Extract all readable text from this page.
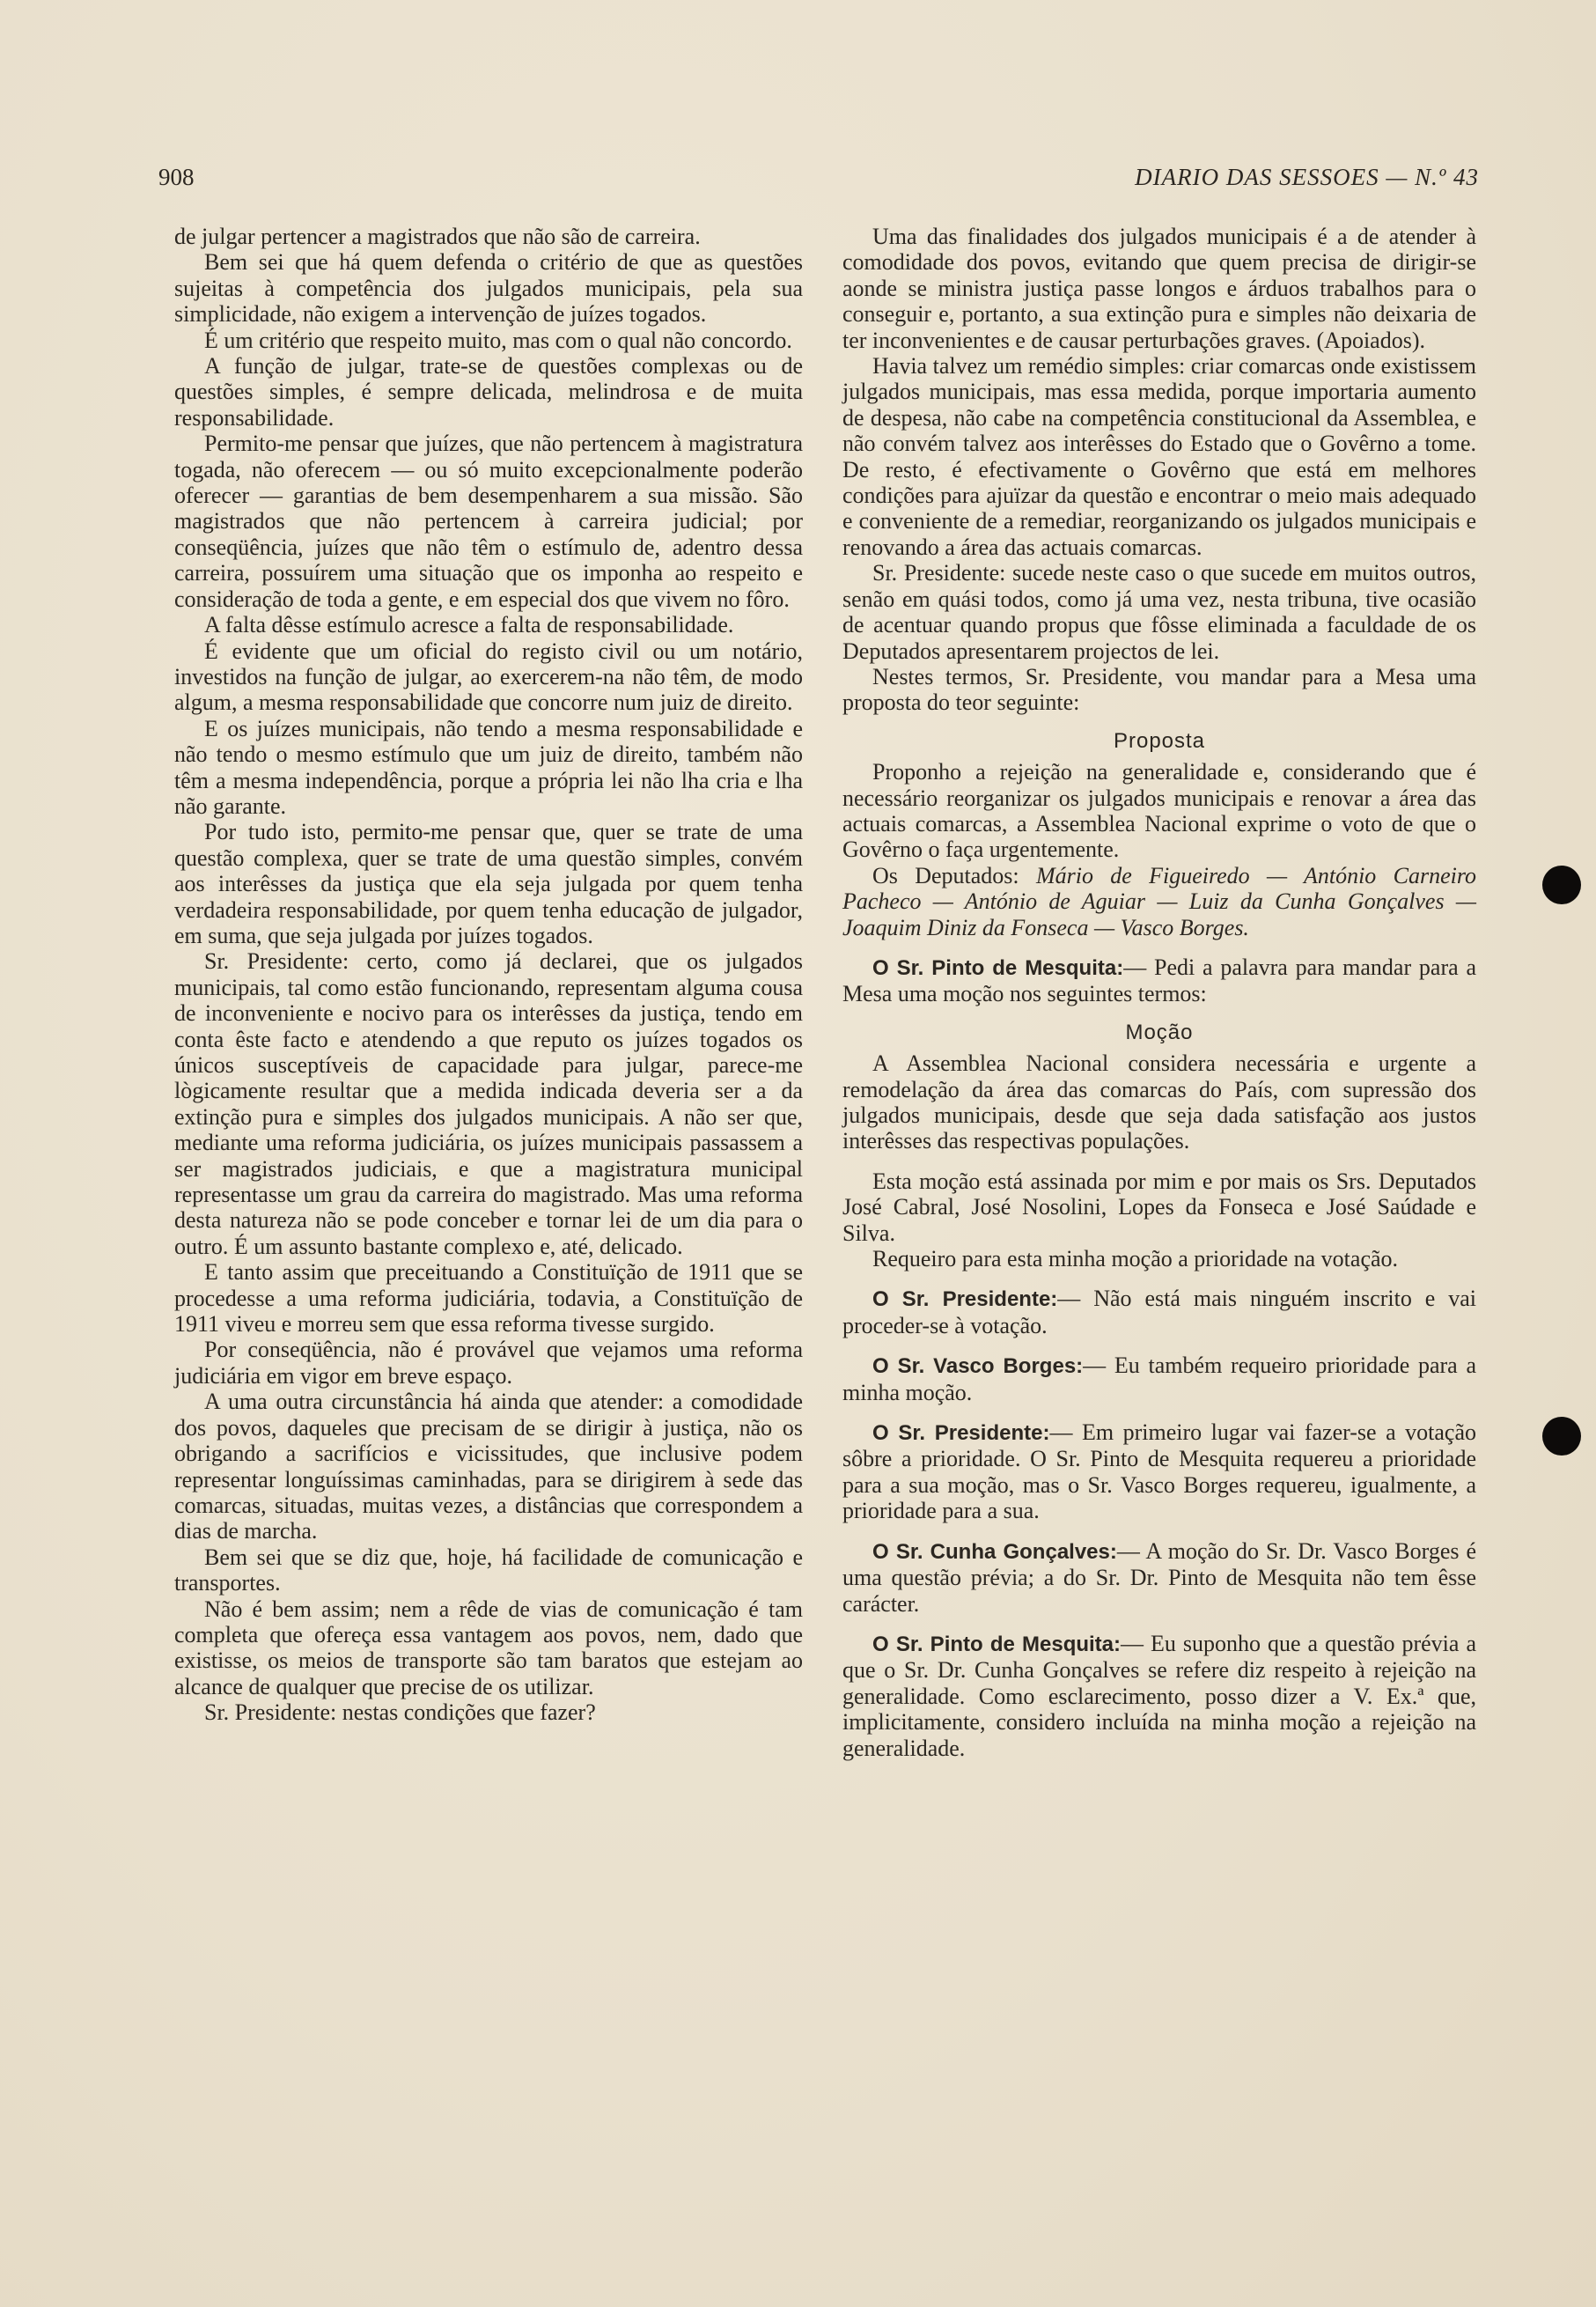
908	DIARIO DAS SESSOES — N.º 43

de julgar pertencer a magistrados que não são de carreira.

Bem sei que há quem defenda o critério de que as questões sujeitas à competência dos julgados municipais, pela sua simplicidade, não exigem a intervenção de juízes togados.

É um critério que respeito muito, mas com o qual não concordo.

A função de julgar, trate-se de questões complexas ou de questões simples, é sempre delicada, melindrosa e de muita responsabilidade.

Permito-me pensar que juízes, que não pertencem à magistratura togada, não oferecem — ou só muito excepcionalmente poderão oferecer — garantias de bem desempenharem a sua missão. São magistrados que não pertencem à carreira judicial; por conseqüência, juízes que não têm o estímulo de, adentro dessa carreira, possuírem uma situação que os imponha ao respeito e consideração de toda a gente, e em especial dos que vivem no fôro.

A falta dêsse estímulo acresce a falta de responsabilidade.

É evidente que um oficial do registo civil ou um notário, investidos na função de julgar, ao exercerem-na não têm, de modo algum, a mesma responsabilidade que concorre num juiz de direito.

E os juízes municipais, não tendo a mesma responsabilidade e não tendo o mesmo estímulo que um juiz de direito, também não têm a mesma independência, porque a própria lei não lha cria e lha não garante.

Por tudo isto, permito-me pensar que, quer se trate de uma questão complexa, quer se trate de uma questão simples, convém aos interêsses da justiça que ela seja julgada por quem tenha verdadeira responsabilidade, por quem tenha educação de julgador, em suma, que seja julgada por juízes togados.

Sr. Presidente: certo, como já declarei, que os julgados municipais, tal como estão funcionando, representam alguma cousa de inconveniente e nocivo para os interêsses da justiça, tendo em conta êste facto e atendendo a que reputo os juízes togados os únicos susceptíveis de capacidade para julgar, parece-me lògicamente resultar que a medida indicada deveria ser a da extinção pura e simples dos julgados municipais. A não ser que, mediante uma reforma judiciária, os juízes municipais passassem a ser magistrados judiciais, e que a magistratura municipal representasse um grau da carreira do magistrado. Mas uma reforma desta natureza não se pode conceber e tornar lei de um dia para o outro. É um assunto bastante complexo e, até, delicado.

E tanto assim que preceituando a Constituïção de 1911 que se procedesse a uma reforma judiciária, todavia, a Constituïção de 1911 viveu e morreu sem que essa reforma tivesse surgido.

Por conseqüência, não é provável que vejamos uma reforma judiciária em vigor em breve espaço.

A uma outra circunstância há ainda que atender: a comodidade dos povos, daqueles que precisam de se dirigir à justiça, não os obrigando a sacrifícios e vicissitudes, que inclusive podem representar longuíssimas caminhadas, para se dirigirem à sede das comarcas, situadas, muitas vezes, a distâncias que correspondem a dias de marcha.

Bem sei que se diz que, hoje, há facilidade de comunicação e transportes.

Não é bem assim; nem a rêde de vias de comunicação é tam completa que ofereça essa vantagem aos povos, nem, dado que existisse, os meios de transporte são tam baratos que estejam ao alcance de qualquer que precise de os utilizar.

Sr. Presidente: nestas condições que fazer?

Uma das finalidades dos julgados municipais é a de atender à comodidade dos povos, evitando que quem precisa de dirigir-se aonde se ministra justiça passe longos e árduos trabalhos para o conseguir e, portanto, a sua extinção pura e simples não deixaria de ter inconvenientes e de causar perturbações graves. (Apoiados).

Havia talvez um remédio simples: criar comarcas onde existissem julgados municipais, mas essa medida, porque importaria aumento de despesa, não cabe na competência constitucional da Assemblea, e não convém talvez aos interêsses do Estado que o Govêrno a tome. De resto, é efectivamente o Govêrno que está em melhores condições para ajuïzar da questão e encontrar o meio mais adequado e conveniente de a remediar, reorganizando os julgados municipais e renovando a área das actuais comarcas.

Sr. Presidente: sucede neste caso o que sucede em muitos outros, senão em quási todos, como já uma vez, nesta tribuna, tive ocasião de acentuar quando propus que fôsse eliminada a faculdade de os Deputados apresentarem projectos de lei.

Nestes termos, Sr. Presidente, vou mandar para a Mesa uma proposta do teor seguinte:

Proposta

Proponho a rejeição na generalidade e, considerando que é necessário reorganizar os julgados municipais e renovar a área das actuais comarcas, a Assemblea Nacional exprime o voto de que o Govêrno o faça urgentemente.

Os Deputados: Mário de Figueiredo — António Carneiro Pacheco — António de Aguiar — Luiz da Cunha Gonçalves — Joaquim Diniz da Fonseca — Vasco Borges.

O Sr. Pinto de Mesquita:— Pedi a palavra para mandar para a Mesa uma moção nos seguintes termos:

Moção

A Assemblea Nacional considera necessária e urgente a remodelação da área das comarcas do País, com supressão dos julgados municipais, desde que seja dada satisfação aos justos interêsses das respectivas populações.

Esta moção está assinada por mim e por mais os Srs. Deputados José Cabral, José Nosolini, Lopes da Fonseca e José Saúdade e Silva.

Requeiro para esta minha moção a prioridade na votação.

O Sr. Presidente:— Não está mais ninguém inscrito e vai proceder-se à votação.

O Sr. Vasco Borges:— Eu também requeiro prioridade para a minha moção.

O Sr. Presidente:— Em primeiro lugar vai fazer-se a votação sôbre a prioridade. O Sr. Pinto de Mesquita requereu a prioridade para a sua moção, mas o Sr. Vasco Borges requereu, igualmente, a prioridade para a sua.

O Sr. Cunha Gonçalves:— A moção do Sr. Dr. Vasco Borges é uma questão prévia; a do Sr. Dr. Pinto de Mesquita não tem êsse carácter.

O Sr. Pinto de Mesquita:— Eu suponho que a questão prévia a que o Sr. Dr. Cunha Gonçalves se refere diz respeito à rejeição na generalidade. Como esclarecimento, posso dizer a V. Ex.ª que, implicitamente, considero incluída na minha moção a rejeição na generalidade.
